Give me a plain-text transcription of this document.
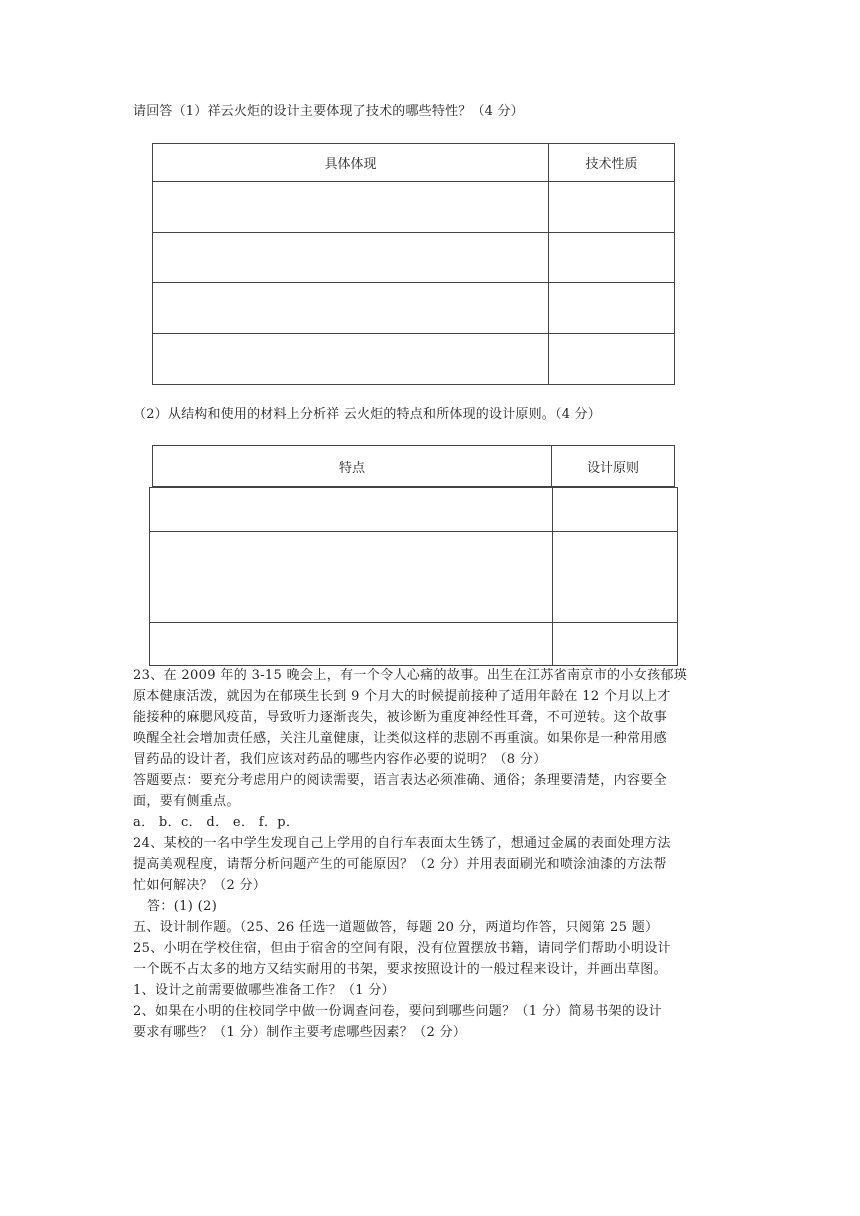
请回答（1）祥云火炬的设计主要体现了技术的哪些特性？（4 分）
具体体现	技术性质

（2）从结构和使用的材料上分析祥 云火炬的特点和所体现的设计原则。（4 分）
特点	设计原则

23、在 2009 年的 3-15 晚会上，有一个令人心痛的故事。出生在江苏省南京市的小女孩郁瑛

原本健康活泼，就因为在郁瑛生长到 9 个月大的时候提前接种了适用年龄在 12 个月以上才

能接种的麻腮风疫苗，导致听力逐渐丧失，被诊断为重度神经性耳聋，不可逆转。这个故事

唤醒全社会增加责任感，关注儿童健康，让类似这样的悲剧不再重演。如果你是一种常用感

冒药品的设计者，我们应该对药品的哪些内容作必要的说明？（8 分）

答题要点：要充分考虑用户的阅读需要，语言表达必须准确、通俗；条理要清楚，内容要全

面，要有侧重点。

a． b．c． d． e． f．p．

24、某校的一名中学生发现自己上学用的自行车表面太生锈了，想通过金属的表面处理方法

提高美观程度，请帮分析问题产生的可能原因？（2 分）并用表面刷光和喷涂油漆的方法帮

忙如何解决？（2 分）

答：(1) (2)

五、设计制作题。（25、26 任选一道题做答，每题 20 分，两道均作答，只阅第 25 题）

25、小明在学校住宿，但由于宿舍的空间有限，没有位置摆放书籍，请同学们帮助小明设计

一个既不占太多的地方又结实耐用的书架，要求按照设计的一般过程来设计，并画出草图。

1、设计之前需要做哪些准备工作？（1 分）

2、如果在小明的住校同学中做一份调查问卷，要问到哪些问题？（1 分）简易书架的设计

要求有哪些？（1 分）制作主要考虑哪些因素？（2 分）
